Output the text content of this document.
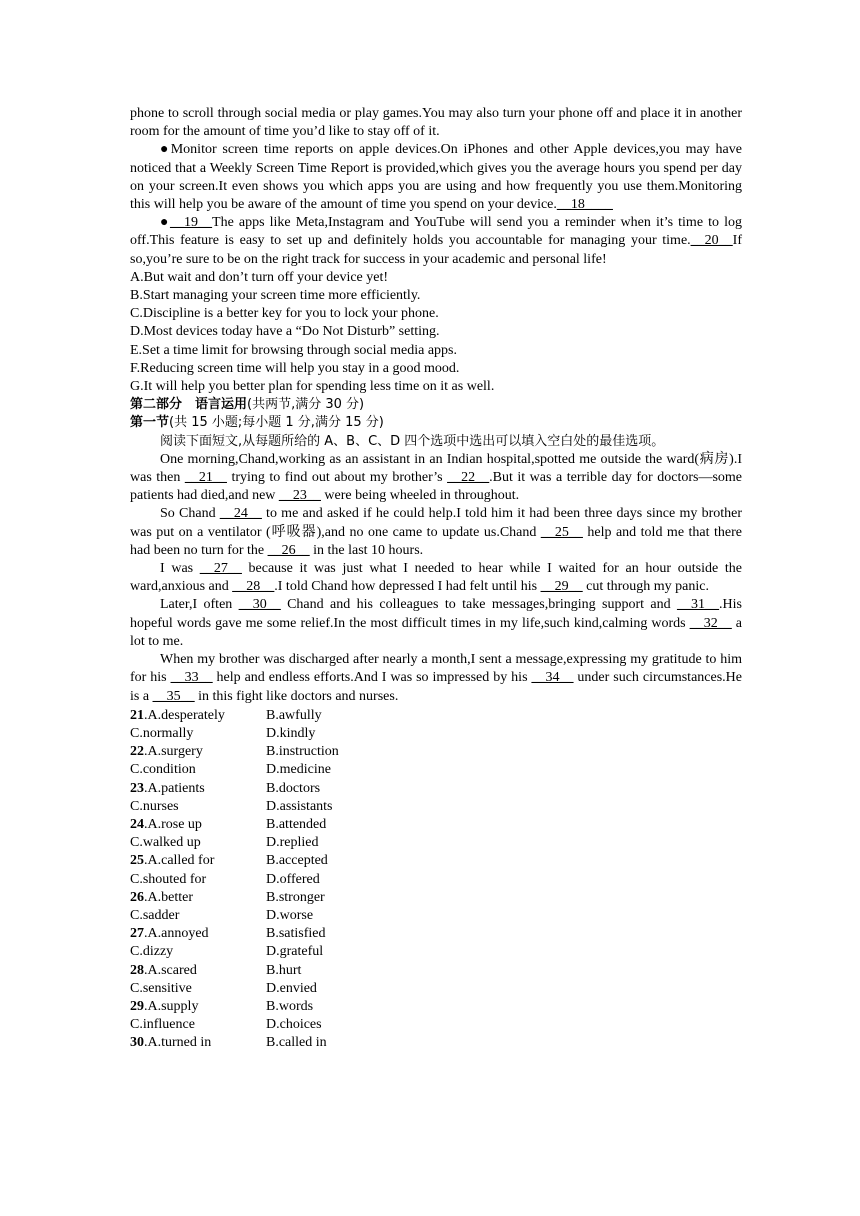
phone to scroll through social media or play games.You may also turn your phone off and place it in another room for the amount of time you’d like to stay off of it.

●Monitor screen time reports on apple devices.On iPhones and other Apple devices,you may have noticed that a Weekly Screen Time Report is provided,which gives you the average hours you spend per day on your screen.It even shows you which apps you are using and how frequently you use them.Monitoring this will help you be aware of the amount of time you spend on your device.__18____

●__19__The apps like Meta,Instagram and YouTube will send you a reminder when it’s time to log off.This feature is easy to set up and definitely holds you accountable for managing your time.__20__If so,you’re sure to be on the right track for success in your academic and personal life!

A.But wait and don’t turn off your device yet!

B.Start managing your screen time more efficiently.

C.Discipline is a better key for you to lock your phone.

D.Most devices today have a “Do Not Disturb” setting.

E.Set a time limit for browsing through social media apps.

F.Reducing screen time will help you stay in a good mood.

G.It will help you better plan for spending less time on it as well.

第二部分　语言运用(共两节,满分 30 分)

第一节(共 15 小题;每小题 1 分,满分 15 分)

阅读下面短文,从每题所给的 A、B、C、D 四个选项中选出可以填入空白处的最佳选项。

One morning,Chand,working as an assistant in an Indian hospital,spotted me outside the ward(病房).I was then __21__ trying to find out about my brother’s __22__.But it was a terrible day for doctors—some patients had died,and new __23__ were being wheeled in throughout.

So Chand __24__ to me and asked if he could help.I told him it had been three days since my brother was put on a ventilator (呼吸器),and no one came to update us.Chand __25__ help and told me that there had been no turn for the __26__ in the last 10 hours.

I was __27__ because it was just what I needed to hear while I waited for an hour outside the ward,anxious and __28__.I told Chand how depressed I had felt until his __29__ cut through my panic.

Later,I often __30__ Chand and his colleagues to take messages,bringing support and __31__.His hopeful words gave me some relief.In the most difficult times in my life,such kind,calming words __32__ a lot to me.

When my brother was discharged after nearly a month,I sent a message,expressing my gratitude to him for his __33__ help and endless efforts.And I was so impressed by his __34__ under such circumstances.He is a __35__ in this fight like doctors and nurses.

21.A.desperately	B.awfully
C.normally	D.kindly
22.A.surgery	B.instruction
C.condition	D.medicine
23.A.patients	B.doctors
C.nurses	D.assistants
24.A.rose up	B.attended
C.walked up	D.replied
25.A.called for	B.accepted
C.shouted for	D.offered
26.A.better	B.stronger
C.sadder	D.worse
27.A.annoyed	B.satisfied
C.dizzy	D.grateful
28.A.scared	B.hurt
C.sensitive	D.envied
29.A.supply	B.words
C.influence	D.choices
30.A.turned in	B.called in
